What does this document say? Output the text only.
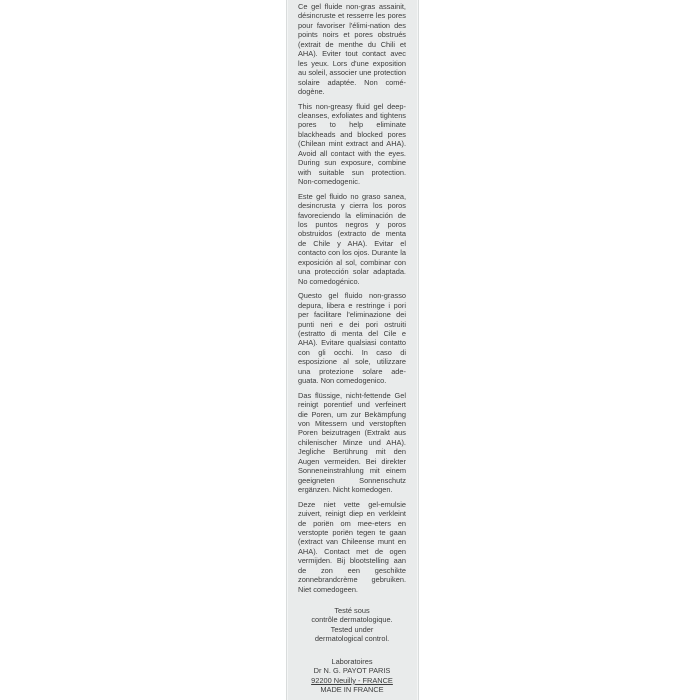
Ce gel fluide non-gras assainit, désincruste et resserre les pores pour favoriser l'élimi-nation des points noirs et pores obstrués (extrait de menthe du Chili et AHA). Eviter tout contact avec les yeux. Lors d'une exposition au soleil, associer une protection solaire adaptée. Non comé-dogène.

This non-greasy fluid gel deep-cleanses, exfoliates and tightens pores to help eliminate blackheads and blocked pores (Chilean mint extract and AHA). Avoid all contact with the eyes. During sun exposure, combine with suitable sun protection. Non-comedogenic.

Este gel fluido no graso sanea, desincrusta y cierra los poros favoreciendo la eliminación de los puntos negros y poros obstruidos (extracto de menta de Chile y AHA). Evitar el contacto con los ojos. Durante la exposición al sol, combinar con una protección solar adaptada. No comedogénico.

Questo gel fluido non-grasso depura, libera e restringe i pori per facilitare l'eliminazione dei punti neri e dei pori ostruiti (estratto di menta del Cile e AHA). Evitare qualsiasi contatto con gli occhi. In caso di esposizione al sole, utilizzare una protezione solare ade-guata. Non comedogenico.

Das flüssige, nicht-fettende Gel reinigt porentief und verfeinert die Poren, um zur Bekämpfung von Mitessern und verstopften Poren beizutragen (Extrakt aus chilenischer Minze und AHA). Jegliche Berührung mit den Augen vermeiden. Bei direkter Sonneneinstrahlung mit einem geeigneten Sonnenschutz ergänzen. Nicht komedogen.

Deze niet vette gel-emulsie zuivert, reinigt diep en verkleint de poriën om mee-eters en verstopte poriën tegen te gaan (extract van Chileense munt en AHA). Contact met de ogen vermijden. Bij blootstelling aan de zon een geschikte zonnebrandcrème gebruiken. Niet comedogeen.

Testé sous
contrôle dermatologique.
Tested under
dermatological control.
Laboratoires
Dr N. G. PAYOT PARIS
92200 Neuilly - FRANCE
MADE IN FRANCE
